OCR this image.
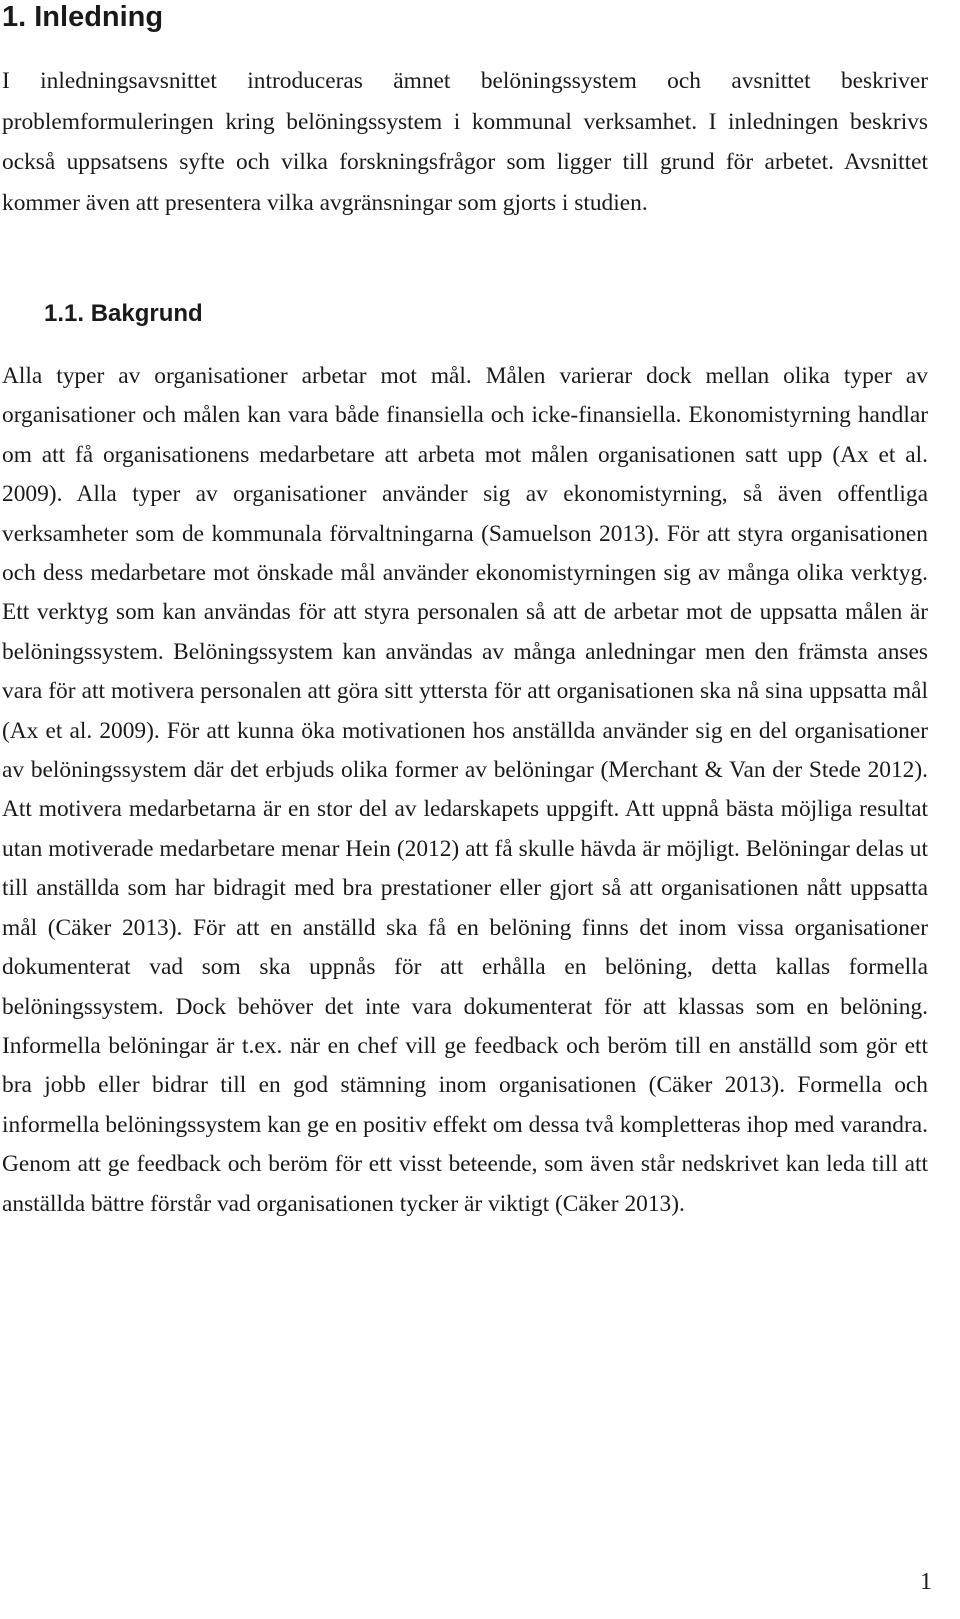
1. Inledning

I inledningsavsnittet introduceras ämnet belöningssystem och avsnittet beskriver problemformuleringen kring belöningssystem i kommunal verksamhet. I inledningen beskrivs också uppsatsens syfte och vilka forskningsfrågor som ligger till grund för arbetet. Avsnittet kommer även att presentera vilka avgränsningar som gjorts i studien.

1.1. Bakgrund

Alla typer av organisationer arbetar mot mål. Målen varierar dock mellan olika typer av organisationer och målen kan vara både finansiella och icke-finansiella. Ekonomistyrning handlar om att få organisationens medarbetare att arbeta mot målen organisationen satt upp (Ax et al. 2009). Alla typer av organisationer använder sig av ekonomistyrning, så även offentliga verksamheter som de kommunala förvaltningarna (Samuelson 2013). För att styra organisationen och dess medarbetare mot önskade mål använder ekonomistyrningen sig av många olika verktyg. Ett verktyg som kan användas för att styra personalen så att de arbetar mot de uppsatta målen är belöningssystem. Belöningssystem kan användas av många anledningar men den främsta anses vara för att motivera personalen att göra sitt yttersta för att organisationen ska nå sina uppsatta mål (Ax et al. 2009). För att kunna öka motivationen hos anställda använder sig en del organisationer av belöningssystem där det erbjuds olika former av belöningar (Merchant & Van der Stede 2012). Att motivera medarbetarna är en stor del av ledarskapets uppgift. Att uppnå bästa möjliga resultat utan motiverade medarbetare menar Hein (2012) att få skulle hävda är möjligt. Belöningar delas ut till anställda som har bidragit med bra prestationer eller gjort så att organisationen nått uppsatta mål (Cäker 2013). För att en anställd ska få en belöning finns det inom vissa organisationer dokumenterat vad som ska uppnås för att erhålla en belöning, detta kallas formella belöningssystem. Dock behöver det inte vara dokumenterat för att klassas som en belöning. Informella belöningar är t.ex. när en chef vill ge feedback och beröm till en anställd som gör ett bra jobb eller bidrar till en god stämning inom organisationen (Cäker 2013). Formella och informella belöningssystem kan ge en positiv effekt om dessa två kompletteras ihop med varandra. Genom att ge feedback och beröm för ett visst beteende, som även står nedskrivet kan leda till att anställda bättre förstår vad organisationen tycker är viktigt (Cäker 2013).

1
